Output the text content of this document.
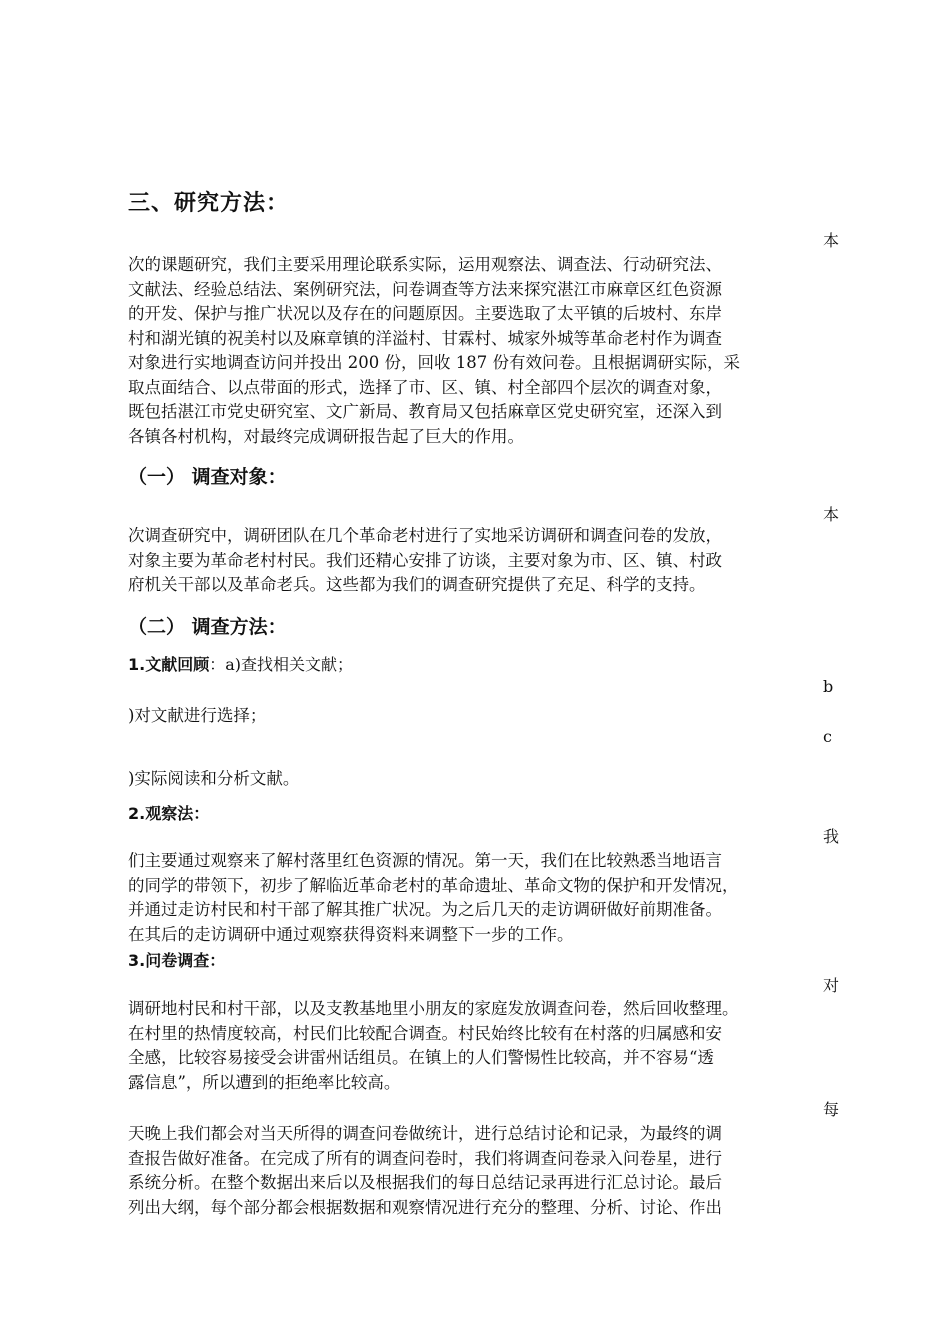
三、研究方法：
本

次的课题研究，我们主要采用理论联系实际，运用观察法、调查法、行动研究法、

文献法、经验总结法、案例研究法，问卷调查等方法来探究湛江市麻章区红色资源

的开发、保护与推广状况以及存在的问题原因。主要选取了太平镇的后坡村、东岸

村和湖光镇的祝美村以及麻章镇的洋溢村、甘霖村、城家外城等革命老村作为调查

对象进行实地调查访问并投出 200 份，回收 187 份有效问卷。且根据调研实际，采

取点面结合、以点带面的形式，选择了市、区、镇、村全部四个层次的调查对象，

既包括湛江市党史研究室、文广新局、教育局又包括麻章区党史研究室，还深入到

各镇各村机构，对最终完成调研报告起了巨大的作用。

（一） 调查对象：
本

次调查研究中，调研团队在几个革命老村进行了实地采访调研和调查问卷的发放，

对象主要为革命老村村民。我们还精心安排了访谈，主要对象为市、区、镇、村政

府机关干部以及革命老兵。这些都为我们的调查研究提供了充足、科学的支持。

（二） 调查方法：
1.文献回顾：a)查找相关文献；
b
)对文献进行选择；
c
)实际阅读和分析文献。
2.观察法：
我

们主要通过观察来了解村落里红色资源的情况。第一天，我们在比较熟悉当地语言

的同学的带领下，初步了解临近革命老村的革命遗址、革命文物的保护和开发情况，

并通过走访村民和村干部了解其推广状况。为之后几天的走访调研做好前期准备。

在其后的走访调研中通过观察获得资料来调整下一步的工作。

3.问卷调查：
对

调研地村民和村干部，以及支教基地里小朋友的家庭发放调查问卷，然后回收整理。

在村里的热情度较高，村民们比较配合调查。村民始终比较有在村落的归属感和安

全感，比较容易接受会讲雷州话组员。在镇上的人们警惕性比较高，并不容易“透

露信息”，所以遭到的拒绝率比较高。

每

天晚上我们都会对当天所得的调查问卷做统计，进行总结讨论和记录，为最终的调

查报告做好准备。在完成了所有的调查问卷时，我们将调查问卷录入问卷星，进行

系统分析。在整个数据出来后以及根据我们的每日总结记录再进行汇总讨论。最后

列出大纲，每个部分都会根据数据和观察情况进行充分的整理、分析、讨论、作出
